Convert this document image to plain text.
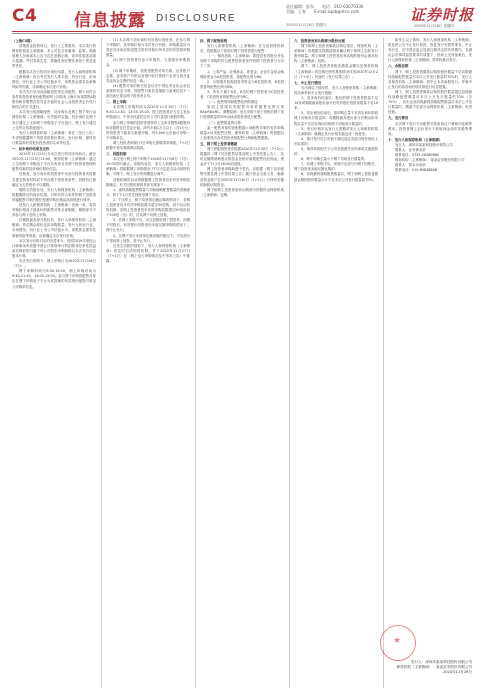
C4 信息披露 DISCLOSURE
责任编辑：彭东　　电话：010-63070336
美编：王春　　E-mail:zqsb@stcn.com
2020年11月26日 星期四
证券时报
2020年11月26日 星期四

（上接C3版）

募集资金投资项目、发行人主要股东、本次发行的保荐机构及主承销商。本公司及全体董事、监事、高级管理人员承诺本公告不存在虚假记载、误导性陈述或重大遗漏，并对其真实性、准确性和完整性承担个别及连带责任。

根据本次发行的初步询价结果，发行人和保荐机构（主承销商）综合考虑发行人基本面、所处行业、市场情况、同行业上市公司估值水平、募集资金需求及承销风险等因素，协商确定本次发行价格。

本次发行采用向战略投资者定向配售、网下向符合条件的投资者询价配售和网上向持有上海市场非限售A股股份和非限售存托凭证市值的社会公众投资者定价发行相结合的方式进行。

本次发行的战略配售、初步询价及网上网下发行由保荐机构（主承销商）负责组织实施。初步询价及网下发行通过上交所网下申购电子平台进行，网上发行通过上交所交易系统进行。

发行人和保荐机构（主承销商）将在《发行公告》中详细披露网下投资者的报价情况、发行价格、最终发行数量和有效报价投资者的名单等信息。

一、初步询价结果及定价

2020年11月23日为本次发行的初步询价日。截至2020年11月23日15:00，保荐机构（主承销商）通过上交所网下申购电子平台共收到各类网下投资者管理的配售对象的初步询价报价信息。

经核查，参与询价的投资者中有部分投资者未按要求提交核查材料或不符合网下投资者条件，其报价已被确定为无效报价予以剔除。

剔除无效报价后，发行人和保荐机构（主承销商）根据剔除后的询价结果，对所有符合条件的网下投资者所属配售对象的报价按照申购价格由高到低进行排序。

经发行人和保荐机构（主承销商）协商一致，将拟申购价格高于最高价的配售对象全部剔除，剔除部分不得参与网下及网上申购。

在剔除最高部分报价后，发行人和保荐机构（主承销商）考虑剩余报价及拟申购数量、发行人所处行业、市场情况、同行业上市公司估值水平、募集资金需求及承销风险等因素，协商确定本次发行价格。

本次发行价格对应的市盈率为：按照2019年度经会计师事务所依据中国会计准则审计的扣除非经常性损益前后孰低的归属于母公司股东净利润除以本次发行后总股本计算。

本次发行的网下、网上申购日为2020年11月26日（T日）。

网下申购时间为9:30-15:00，网上申购时间为9:30-11:30，13:00-15:00。参与网下申购的配售对象应在网下申购电子平台为其管理的有效报价配售对象录入申购单信息。

(1) 本次网下初步询价有效报价投资者，在参与网下申购时，其申购价格为本次发行价格，申购数量应为其在初步询价阶段提交的有效报价所对应的有效拟申购数量。

(2) 网下投资者在参与申购时，无需缴付申购资金。

(3) 网下申购时，投资者配售对象名称、证券账户名称、证券账户号码以及银行收付款账户必须与其在证券业协会注册的信息一致。

(4) 配售对象的相关信息以在中国证券业协会登记备案的信息为准，因配售对象信息填报与备案信息不一致所致后果由网下投资者自负。

二、网上申购

本次网上申购时间为2020年11月26日（T日）9:30-11:30、13:00-15:00。网上投资者应当自主表达申购意向，不得全权委托证券公司代其进行新股申购。

参与网上申购的投资者需持有上交所非限售A股股份和非限售存托凭证市值，持有市值1万元以上（含1万元）的投资者才能参与新股申购，每5,000元市值可申购一个申购单位。

网上投资者申购日T日申购无需缴纳申购款，T+2日根据中签结果缴纳认购款。

三、回拨机制

本次发行网上网下申购于2020年11月26日（T日）15:00同时截止。申购结束后，发行人和保荐机构（主承销商）将根据网上申购情况于T日决定是否启动回拨机制，对网下、网上发行的规模进行调节。

回拨机制的启动将根据网上投资者初步有效申购倍数确定。有关回拨机制的具体安排如下：

1、最终战略配售数量与初始战略配售数量的差额部分，将于T-2日首先回拨至网下发行。

2、T日网上、网下均获得足额认购的情况下，若网上投资者初步有效申购倍数未超过50倍的，将不启动回拨机制；若网上投资者初步有效申购倍数超过50倍但低于100倍（含）的，应从网下向网上回拨。

3、若网上申购不足，可以回拨给网下投资者，向网下回拨后，有效报价投资者仍未能足额申购的情况下，则中止发行。

4、在网下发行未获得足额申购的情况下，不足部分不得向网上回拨，将中止发行。

在发生回拨的情形下，发行人和保荐机构（主承销商）将及时启动回拨机制，并于2020年11月27日（T+1日）在《网上发行申购情况及中签率公告》中披露。

四、网下配售原则

发行人和保荐机构（主承销商）在完成回拨机制后，将根据以下原则对网下投资者进行配售：

（一）保荐机构（主承销商）将提供有效报价并参加网下申购的符合配售投资者条件的网下投资者分为以下三类：

1、公募产品、社保基金、养老金、企业年金基金和保险资金为A类投资者，其配售比例为RA；

2、合格境外机构投资者资金为B类投资者，B类投资者的配售比例为RB；

3、所有不属于A类、B类的网下投资者为C类投资者，C类投资者的配售比例为RC。

（二）配售规则和配售比例的确定

原则上按照各类配售对象的配售比例关系RA≥RB≥RC。调整原则：优先安排不低于回拨后网下发行股票数量的50%向A类投资者进行配售。

（三）配售数量的计算

某一配售对象的获配股数=该配售对象的有效申购数量×该类配售比例。保荐机构（主承销商）将根据以上标准得出各类投资者的配售比例和配售股数。

五、网下网上投资者缴款

网下获配投资者应根据2020年11月30日（T+2日）披露的《网下初步配售结果及网上中签结果公告》，及时足额缴纳新股认购资金及相应新股配售经纪佣金，资金应于T+2日16:00前到账。

网上投资者申购新股中签后，应根据《网下初步配售结果及网上中签结果公告》履行资金交收义务，确保其资金账户在2020年11月30日（T+2日）日终有足额的新股认购资金。

网下和网上投资者放弃认购部分的股份由保荐机构（主承销商）包销。

六、投资者放弃认购部分股份处理

网下和网上投资者缴款认购结束后，保荐机构（主承销商）将根据实际缴款情况确认网下和网上实际发行股份数量。网下和网上投资者放弃认购的股份由保荐机构（主承销商）包销。

网下、网上投资者获配未缴款金额以及保荐机构（主承销商）的包销比例等具体情况详见2020年12月2日（T+4日）刊登的《发行结果公告》。

七、中止发行情况

当出现以下情况时，发行人及保荐机构（主承销商）将协商采取中止发行措施：

1、初步询价结束后，报价的网下投资者数量不足10家或剔除最高报价部分后有效报价投资者数量不足10家；

2、初步询价结束后，拟申购总量不足初步询价阶段网下初始发行数量的，或剔除最高报价部分后剩余拟申购总量不足初步询价阶段网下初始发行数量的；

3、发行价格未达发行人预期或发行人和保荐机构（主承销商）就确定发行价格未能达成一致意见；

4、预计发行后总市值不满足选定市值与财务指标上市标准的；

5、保荐机构相关子公司未按照作出的承诺实施跟投的；

6、网下申购总量小于网下初始发行数量的；

7、若网上申购不足，申购不足部分向网下回拨后，网下投资者未能足额认购的；

8、扣除最终战略配售数量后，网下和网上投资者缴款认购的股份数量合计不足本次公开发行数量的70%。

如发生以上情形，发行人和保荐机构（主承销商）将及时公告中止发行原因、恢复发行安排等事宜。中止发行后，在中国证监会同意注册决定的有效期内，且满足会后事项监管要求的前提下，经向上交所备案后，发行人和保荐机构（主承销商）将择机重启发行。

八、余股包销

网下、网上投资者缴款认购的股份数量不足扣除最终战略配售数量后本次公开发行数量的70%时，发行人及保荐机构（主承销商）将中止本次新股发行，并就中止发行的原因和后续安排进行信息披露。

网下、网上投资者缴款认购的股份数量超过扣除最终战略配售数量后本次公开发行数量的70%（含70%），但未达到扣除最终战略配售数量后本次公开发行数量时，缴款不足部分由保荐机构（主承销商）负责包销。

九、发行费用

本次网下发行不向配售对象收取过户费和印花税等费用。投资者网上定价发行不收取佣金和印花税等费用。

十、发行人和保荐机构（主承销商）

发行人：深圳市某某科技股份有限公司

联系人：证券事务部

联系电话：0755-28269880

保荐机构（主承销商）：某某证券股份有限公司

联系人：资本市场部

联系电话：010-60838888

★
发行人：深圳市某某科技股份有限公司
保荐机构（主承销商）：某某证券股份有限公司
2020年11月26日
